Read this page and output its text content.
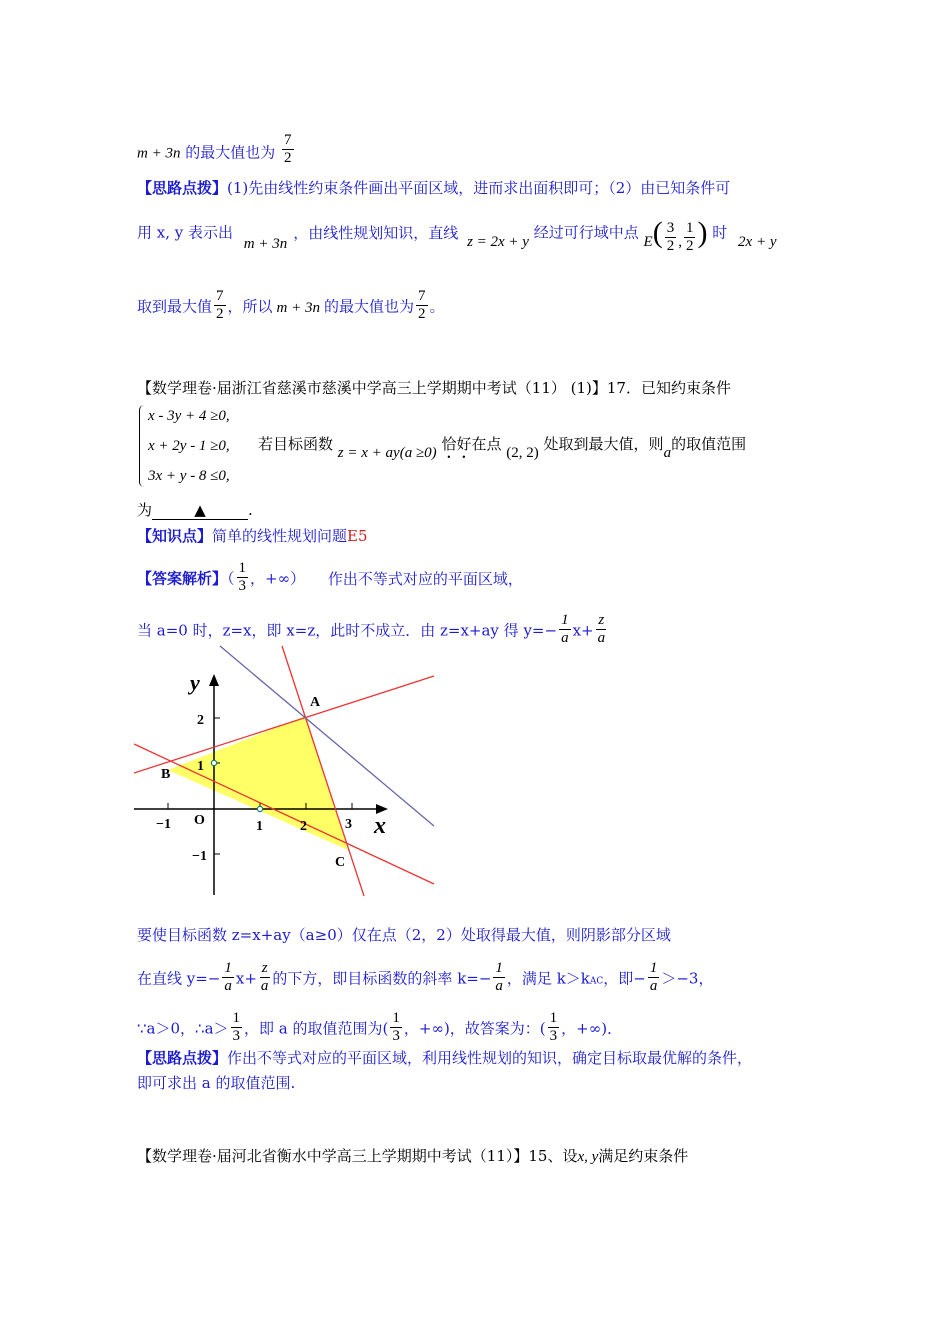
m + 3n 的最大值也为 $\frac{7}{2}$
【思路点拨】(1)先由线性约束条件画出平面区域，进而求出面积即可；（2）由已知条件可
用 x, y 表示出 m + 3n，由线性规划知识，直线 z = 2x + y 经过可行域中点 $E( \frac{3}{2}$ , $\frac{1}{2}$ ) 时 2x + y
取到最大值 $\frac{7}{2}$ ，所以 m + 3n 的最大值也为 $\frac{7}{2}$ 。
【数学理卷·届浙江省慈溪市慈溪中学高三上学期期中考试（11） (1)】17．已知约束条件
x - 3y + 4 ≥0,
x + 2y - 1 ≥0,
3x + y - 8 ≤0,
若目标函数 z = x + ay(a ≥0) 恰好在点 (2, 2) 处取到最大值，则a的取值范围
为	▲	.
【知识点】简单的线性规划问题E5
【答案解析】（ $\frac{1}{3}$ ，+∞） 作出不等式对应的平面区域，
当 a=0 时，z=x，即 x=z，此时不成立．由 z=x+ay 得 $y=- \frac{1}{a} x+ \frac{z}{a}$
y
x
O
2
1
−1
−1	1	2	3
A
B
C
要使目标函数 z=x+ay（a≥0）仅在点（2，2）处取得最大值，则阴影部分区域
在直线 $y=- \frac{1}{a} x+ \frac{z}{a}$ 的下方，即目标函数的斜率 $k=- \frac{1}{a}$ ，满足 k＞kAC，即− $\frac{1}{a} >-3$，
∵a＞0，∴a＞ $\frac{1}{3}$ ，即 a 的取值范围为( $\frac{1}{3}$ ，+∞)，故答案为：( $\frac{1}{3}$ ，+∞)．
【思路点拨】作出不等式对应的平面区域，利用线性规划的知识，确定目标取最优解的条件，
即可求出 a 的取值范围.
【数学理卷·届河北省衡水中学高三上学期期中考试（11）】15、设x, y满足约束条件
